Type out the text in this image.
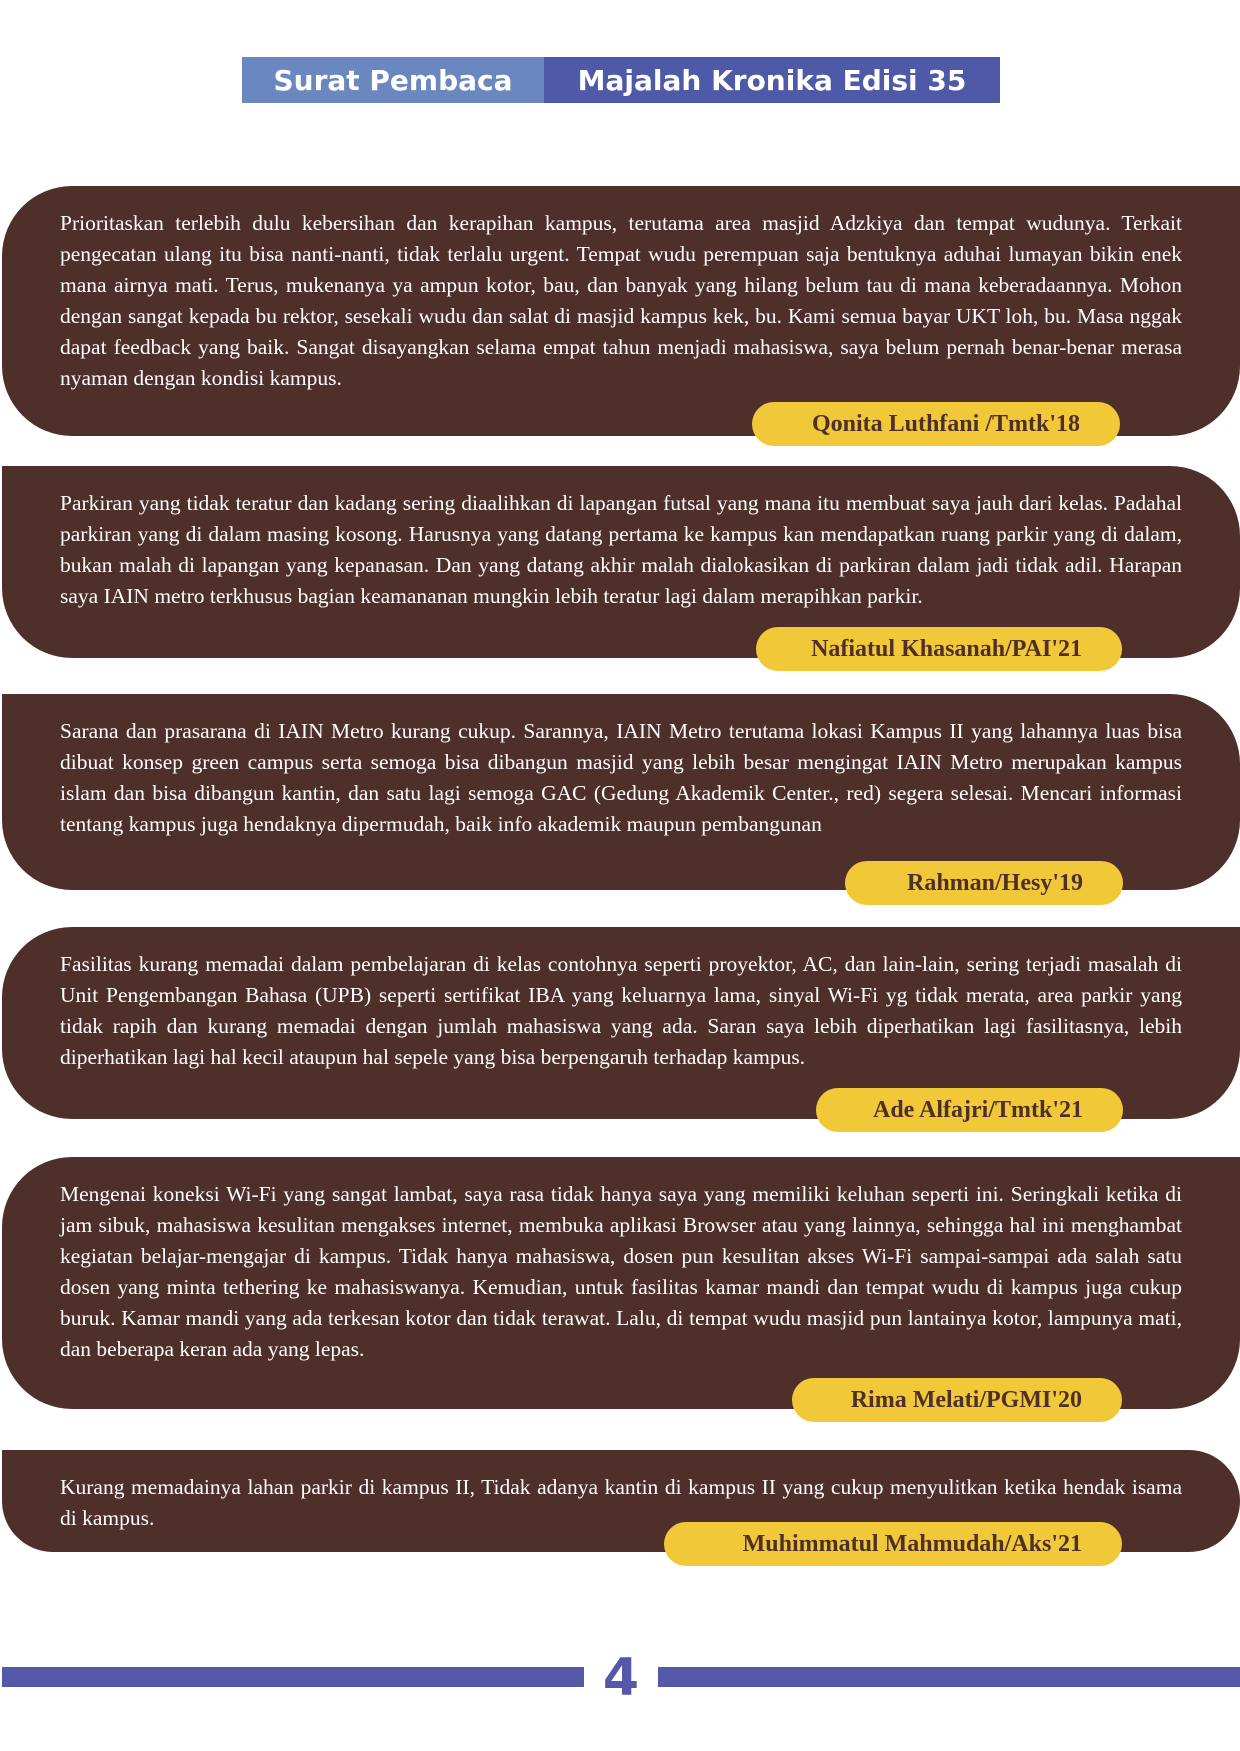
Surat Pembaca	Majalah Kronika Edisi 35
Prioritaskan terlebih dulu kebersihan dan kerapihan kampus, terutama area masjid Adzkiya dan tempat wudunya. Terkait pengecatan ulang itu bisa nanti-nanti, tidak terlalu urgent. Tempat wudu perempuan saja bentuknya aduhai lumayan bikin enek mana airnya mati. Terus, mukenanya ya ampun kotor, bau, dan banyak yang hilang belum tau di mana keberadaannya. Mohon dengan sangat kepada bu rektor, sesekali wudu dan salat di masjid kampus kek, bu. Kami semua bayar UKT loh, bu. Masa nggak dapat feedback yang baik. Sangat disayangkan selama empat tahun menjadi mahasiswa, saya belum pernah benar-benar merasa nyaman dengan kondisi kampus.
Qonita Luthfani /Tmtk'18
Parkiran yang tidak teratur dan kadang sering diaalihkan di lapangan futsal yang mana itu membuat saya jauh dari kelas. Padahal parkiran yang di dalam masing kosong. Harusnya yang datang pertama ke kampus kan mendapatkan ruang parkir yang di dalam, bukan malah di lapangan yang kepanasan. Dan yang datang akhir malah dialokasikan di parkiran dalam jadi tidak adil. Harapan saya IAIN metro terkhusus bagian keamananan mungkin lebih teratur lagi dalam merapihkan parkir.
Nafiatul Khasanah/PAI'21
Sarana dan prasarana di IAIN Metro kurang cukup. Sarannya, IAIN Metro terutama lokasi Kampus II yang lahannya luas bisa dibuat konsep green campus serta semoga bisa dibangun masjid yang lebih besar mengingat IAIN Metro merupakan kampus islam dan bisa dibangun kantin, dan satu lagi semoga GAC (Gedung Akademik Center., red) segera selesai. Mencari informasi tentang kampus juga hendaknya dipermudah, baik info akademik maupun pembangunan
Rahman/Hesy'19
Fasilitas kurang memadai dalam pembelajaran di kelas contohnya seperti proyektor, AC, dan lain-lain, sering terjadi masalah di Unit Pengembangan Bahasa (UPB) seperti sertifikat IBA yang keluarnya lama, sinyal Wi-Fi yg tidak merata, area parkir yang tidak rapih dan kurang memadai dengan jumlah mahasiswa yang ada. Saran saya lebih diperhatikan lagi fasilitasnya, lebih diperhatikan lagi hal kecil ataupun hal sepele yang bisa berpengaruh terhadap kampus.
Ade Alfajri/Tmtk'21
Mengenai koneksi Wi-Fi yang sangat lambat, saya rasa tidak hanya saya yang memiliki keluhan seperti ini. Seringkali ketika di jam sibuk, mahasiswa kesulitan mengakses internet, membuka aplikasi Browser atau yang lainnya, sehingga hal ini menghambat kegiatan belajar-mengajar di kampus. Tidak hanya mahasiswa, dosen pun kesulitan akses Wi-Fi sampai-sampai ada salah satu dosen yang minta tethering ke mahasiswanya. Kemudian, untuk fasilitas kamar mandi dan tempat wudu di kampus juga cukup buruk. Kamar mandi yang ada terkesan kotor dan tidak terawat. Lalu, di tempat wudu masjid pun lantainya kotor, lampunya mati, dan beberapa keran ada yang lepas.
Rima Melati/PGMI'20
Kurang memadainya lahan parkir di kampus II, Tidak adanya kantin di kampus II yang cukup menyulitkan ketika hendak isama di kampus.
Muhimmatul Mahmudah/Aks'21
4
